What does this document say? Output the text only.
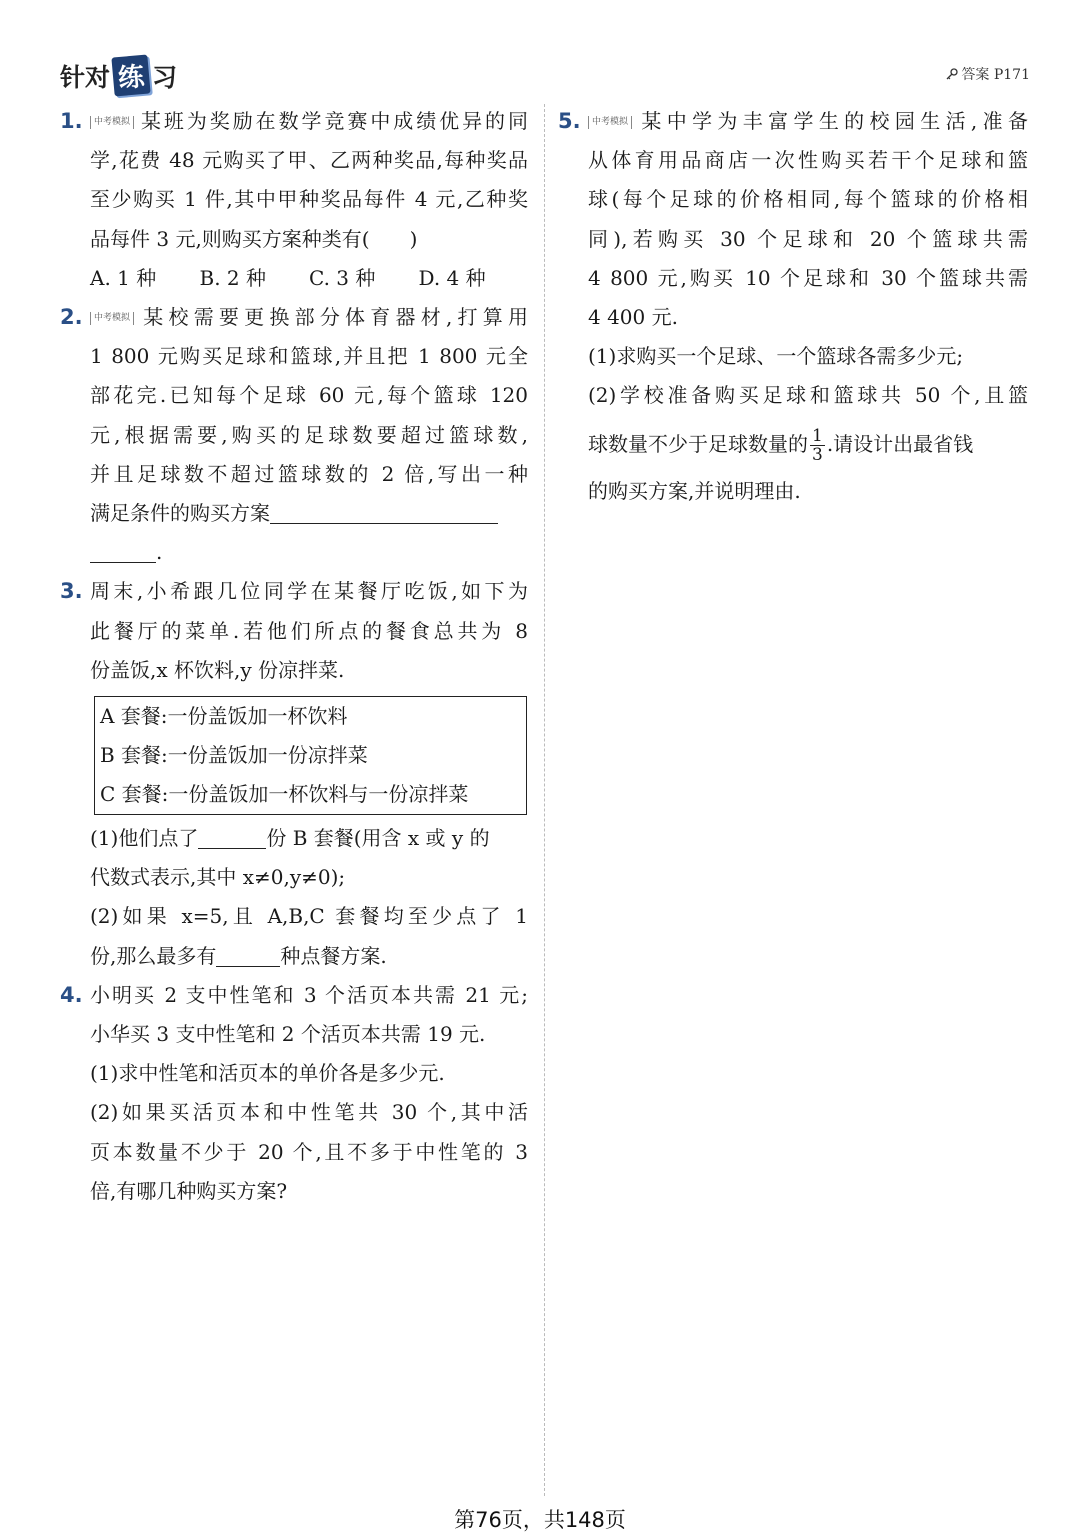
针对 练 习	答案 P171
1.	中考模拟 某班为奖励在数学竞赛中成绩优异的同
学,花费 48 元购买了甲、乙两种奖品,每种奖品
至少购买 1 件,其中甲种奖品每件 4 元,乙种奖
品每件 3 元,则购买方案种类有(　　)
A. 1 种	B. 2 种	C. 3 种	D. 4 种
2.	中考模拟 某校需要更换部分体育器材,打算用
1 800 元购买足球和篮球,并且把 1 800 元全
部花完.已知每个足球 60 元,每个篮球 120
元,根据需要,购买的足球数要超过篮球数,
并且足球数不超过篮球数的 2 倍,写出一种
满足条件的购买方案
.
3. 周末,小希跟几位同学在某餐厅吃饭,如下为
此餐厅的菜单.若他们所点的餐食总共为 8
份盖饭,x 杯饮料,y 份凉拌菜.
A 套餐:一份盖饭加一杯饮料
B 套餐:一份盖饭加一份凉拌菜
C 套餐:一份盖饭加一杯饮料与一份凉拌菜
(1)他们点了	份 B 套餐(用含 x 或 y 的
代数式表示,其中 x≠0,y≠0);
(2)如果 x=5,且 A,B,C 套餐均至少点了 1
份,那么最多有	种点餐方案.
4. 小明买 2 支中性笔和 3 个活页本共需 21 元;
小华买 3 支中性笔和 2 个活页本共需 19 元.
(1)求中性笔和活页本的单价各是多少元.
(2)如果买活页本和中性笔共 30 个,其中活
页本数量不少于 20 个,且不多于中性笔的 3
倍,有哪几种购买方案?
5.	中考模拟 某中学为丰富学生的校园生活,准备
从体育用品商店一次性购买若干个足球和篮
球(每个足球的价格相同,每个篮球的价格相
同),若购买 30 个足球和 20 个篮球共需
4 800 元,购买 10 个足球和 30 个篮球共需
4 400 元.
(1)求购买一个足球、一个篮球各需多少元;
(2)学校准备购买足球和篮球共 50 个,且篮
球数量不少于足球数量的 $\frac{1}{3}$ .请设计出最省钱
的购买方案,并说明理由.
第76页，共148页
